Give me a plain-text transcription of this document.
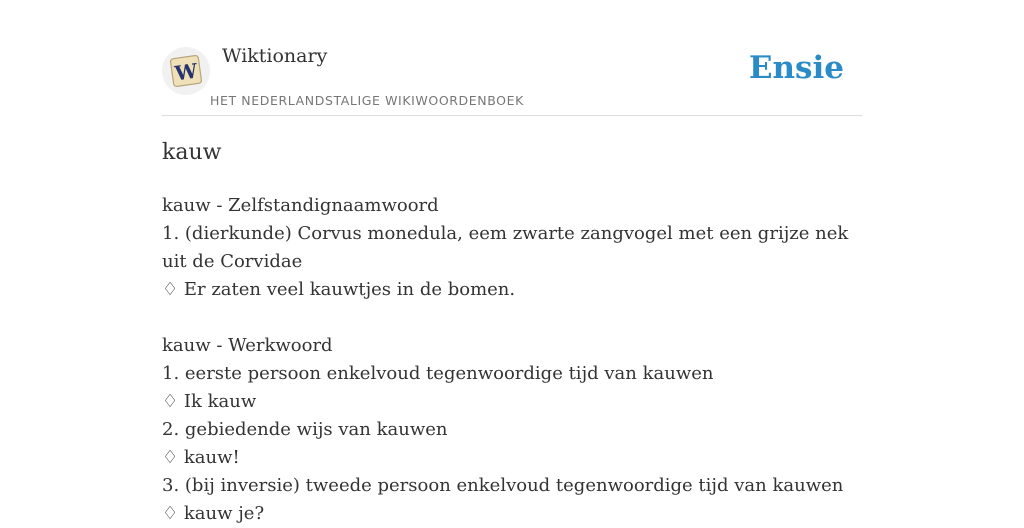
W
Wiktionary
HET NEDERLANDSTALIGE WIKIWOORDENBOEK
Ensie
kauw

kauw - Zelfstandignaamwoord

1. (dierkunde) Corvus monedula, eem zwarte zangvogel met een grijze nek uit de Corvidae

♢ Er zaten veel kauwtjes in de bomen.

kauw - Werkwoord

1. eerste persoon enkelvoud tegenwoordige tijd van kauwen

♢ Ik kauw

2. gebiedende wijs van kauwen

♢ kauw!

3. (bij inversie) tweede persoon enkelvoud tegenwoordige tijd van kauwen

♢ kauw je?
